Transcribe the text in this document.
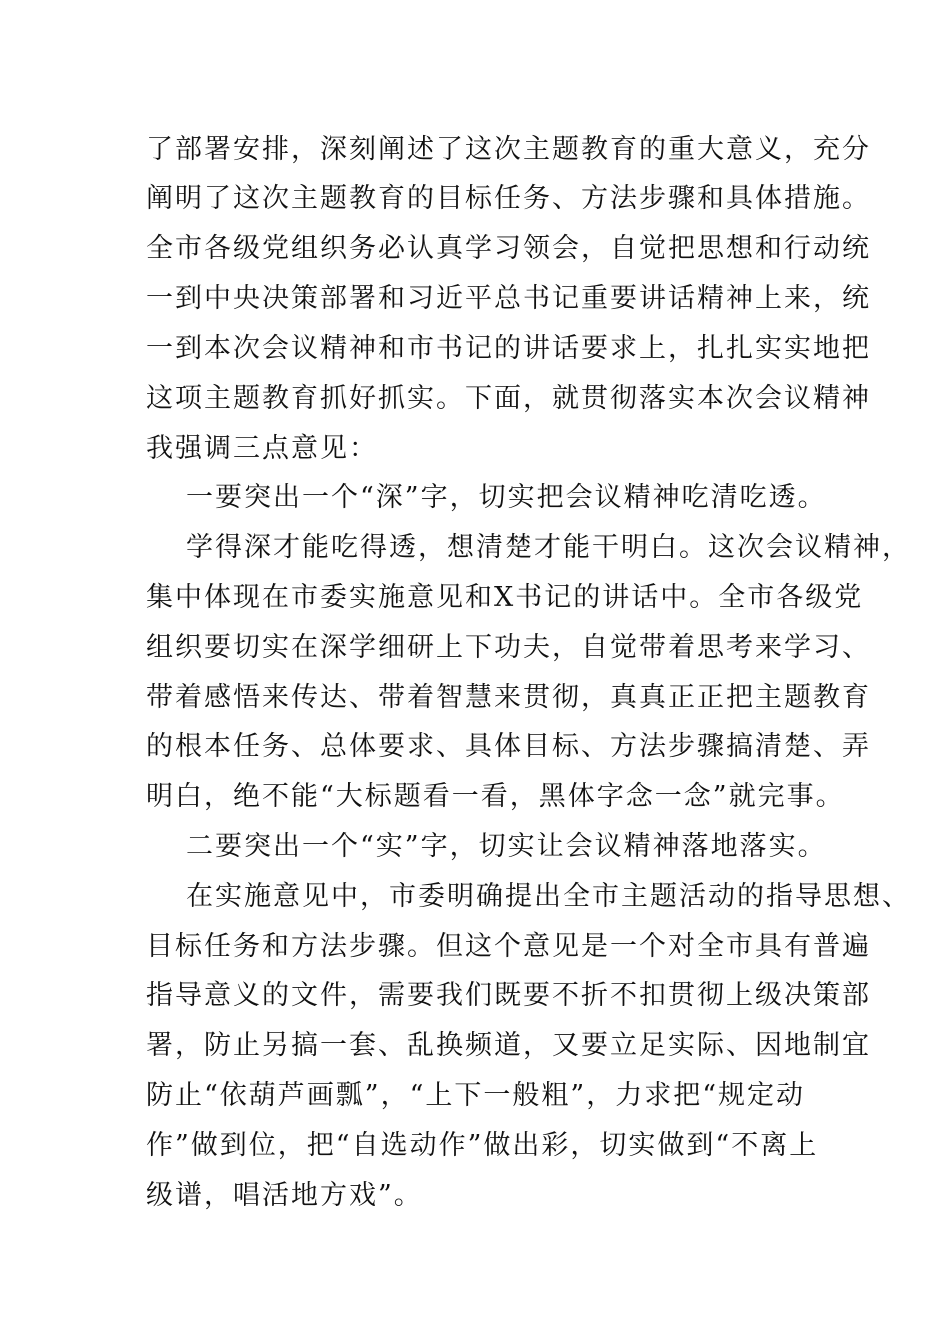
了部署安排，深刻阐述了这次主题教育的重大意义，充分
阐明了这次主题教育的目标任务、方法步骤和具体措施。
全市各级党组织务必认真学习领会，自觉把思想和行动统
一到中央决策部署和习近平总书记重要讲话精神上来，统
一到本次会议精神和市书记的讲话要求上，扎扎实实地把
这项主题教育抓好抓实。下面，就贯彻落实本次会议精神
我强调三点意见：
一要突出一个“深”字，切实把会议精神吃清吃透。
学得深才能吃得透，想清楚才能干明白。这次会议精神，
集中体现在市委实施意见和X书记的讲话中。全市各级党
组织要切实在深学细研上下功夫，自觉带着思考来学习、
带着感悟来传达、带着智慧来贯彻，真真正正把主题教育
的根本任务、总体要求、具体目标、方法步骤搞清楚、弄
明白，绝不能“大标题看一看，黑体字念一念”就完事。
二要突出一个“实”字，切实让会议精神落地落实。
在实施意见中，市委明确提出全市主题活动的指导思想、
目标任务和方法步骤。但这个意见是一个对全市具有普遍
指导意义的文件，需要我们既要不折不扣贯彻上级决策部
署，防止另搞一套、乱换频道，又要立足实际、因地制宜
防止“依葫芦画瓢”，“上下一般粗”，力求把“规定动
作”做到位，把“自选动作”做出彩，切实做到“不离上
级谱，唱活地方戏”。
